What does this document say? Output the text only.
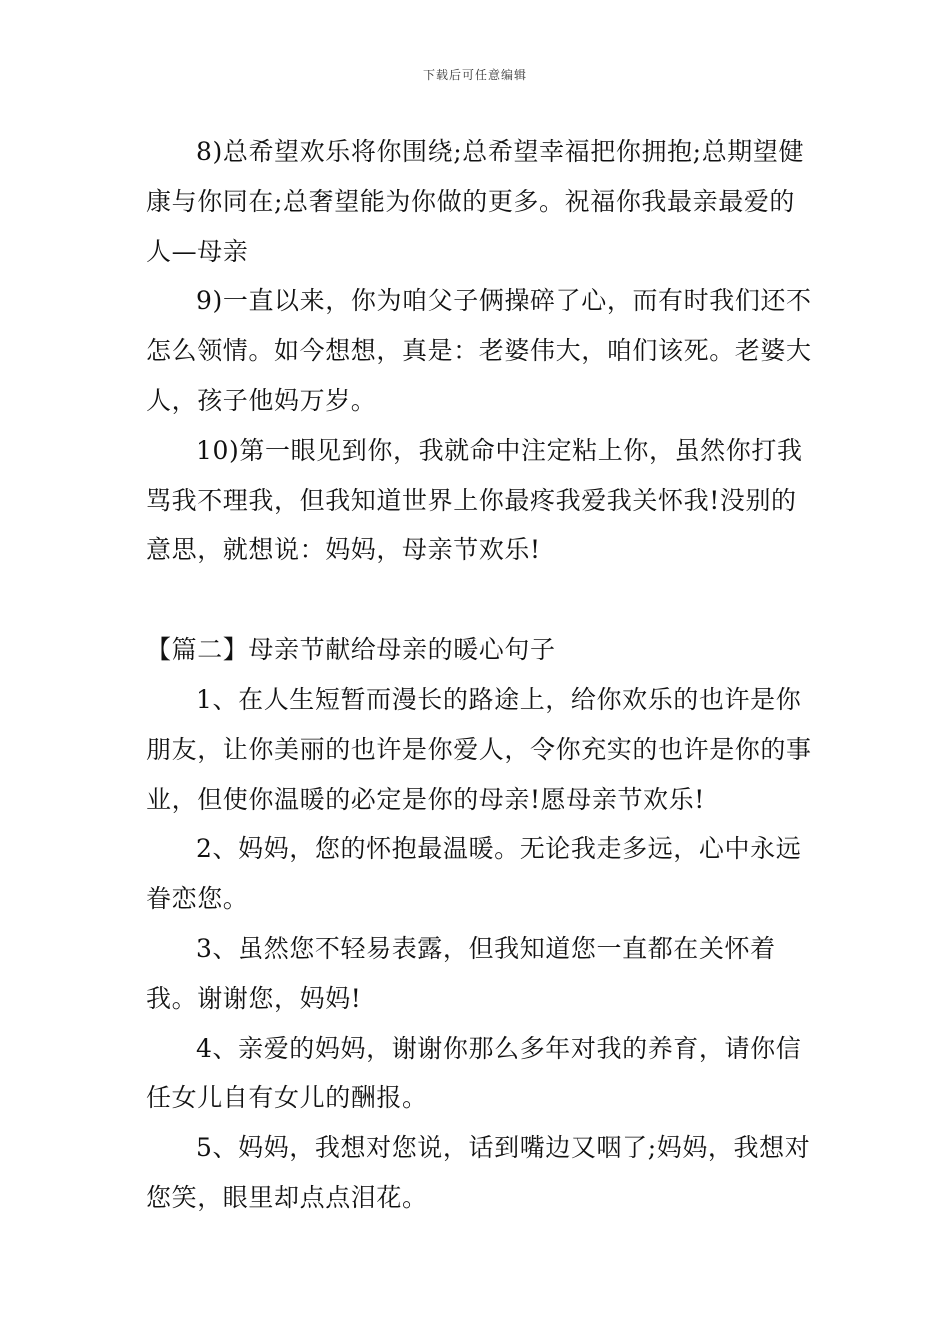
下载后可任意编辑

8)总希望欢乐将你围绕;总希望幸福把你拥抱;总期望健康与你同在;总奢望能为你做的更多。祝福你我最亲最爱的人—母亲

9)一直以来，你为咱父子俩操碎了心，而有时我们还不怎么领情。如今想想，真是：老婆伟大，咱们该死。老婆大人，孩子他妈万岁。

10)第一眼见到你，我就命中注定粘上你，虽然你打我骂我不理我，但我知道世界上你最疼我爱我关怀我!没别的意思，就想说：妈妈，母亲节欢乐!

【篇二】母亲节献给母亲的暖心句子

1、在人生短暂而漫长的路途上，给你欢乐的也许是你朋友，让你美丽的也许是你爱人，令你充实的也许是你的事业，但使你温暖的必定是你的母亲!愿母亲节欢乐!

2、妈妈，您的怀抱最温暖。无论我走多远，心中永远眷恋您。

3、虽然您不轻易表露，但我知道您一直都在关怀着我。谢谢您，妈妈!

4、亲爱的妈妈，谢谢你那么多年对我的养育，请你信任女儿自有女儿的酬报。

5、妈妈，我想对您说，话到嘴边又咽了;妈妈，我想对您笑，眼里却点点泪花。
